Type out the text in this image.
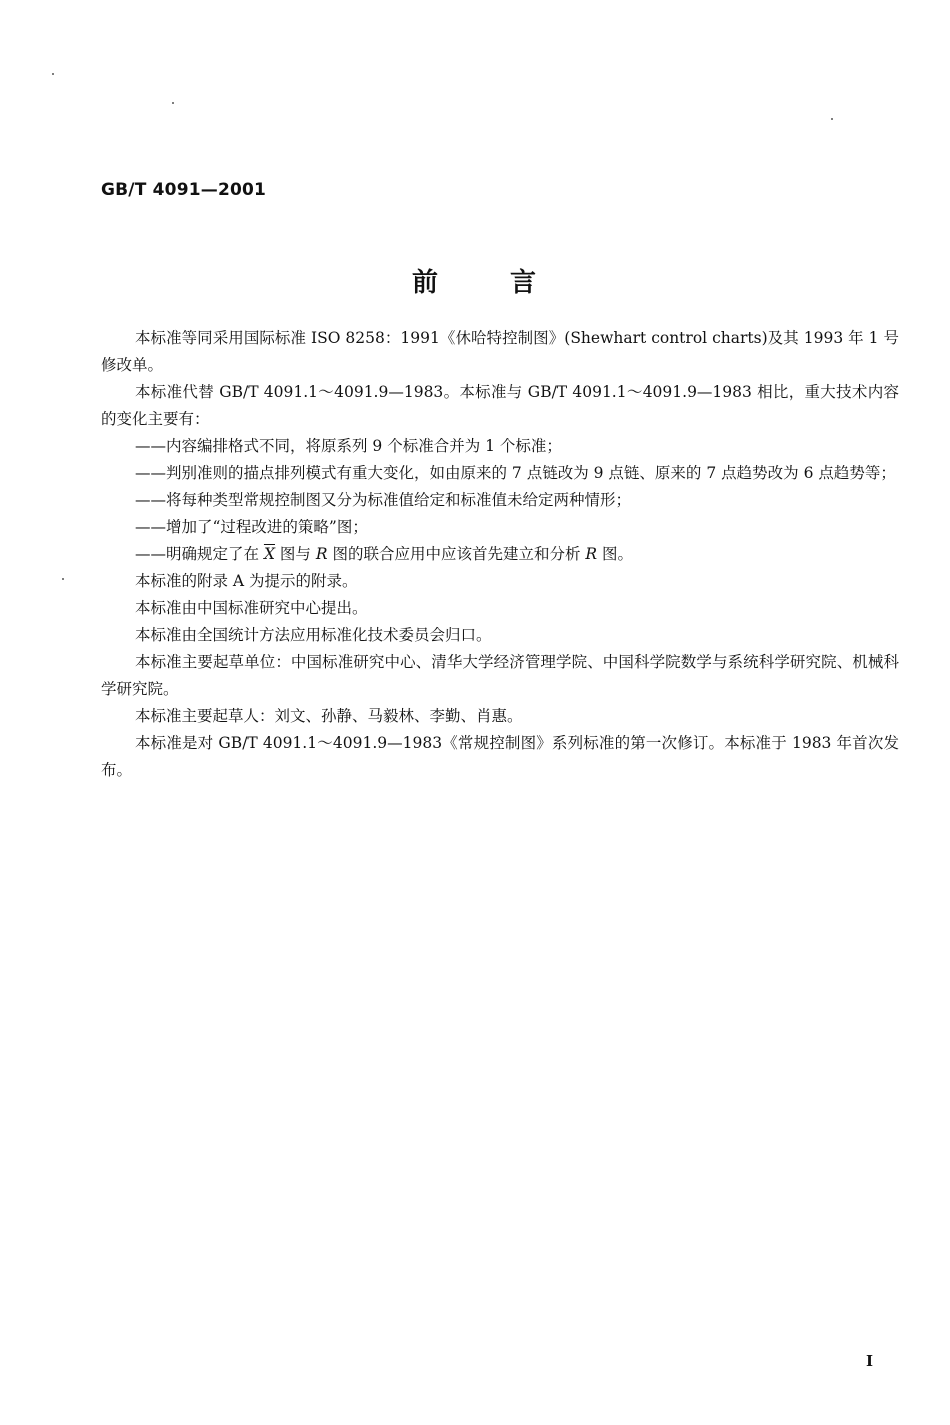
GB/T 4091—2001
前	言

本标准等同采用国际标准 ISO 8258：1991《休哈特控制图》(Shewhart control charts)及其 1993 年 1 号修改单。

本标准代替 GB/T 4091.1～4091.9—1983。本标准与 GB/T 4091.1～4091.9—1983 相比，重大技术内容的变化主要有：

——内容编排格式不同，将原系列 9 个标准合并为 1 个标准；

——判别准则的描点排列模式有重大变化，如由原来的 7 点链改为 9 点链、原来的 7 点趋势改为 6 点趋势等；

——将每种类型常规控制图又分为标准值给定和标准值未给定两种情形；

——增加了“过程改进的策略”图；

——明确规定了在 $\overline{X}$ 图与 R 图的联合应用中应该首先建立和分析 R 图。

本标准的附录 A 为提示的附录。

本标准由中国标准研究中心提出。

本标准由全国统计方法应用标准化技术委员会归口。

本标准主要起草单位：中国标准研究中心、清华大学经济管理学院、中国科学院数学与系统科学研究院、机械科学研究院。

本标准主要起草人：刘文、孙静、马毅林、李勤、肖惠。

本标准是对 GB/T 4091.1～4091.9—1983《常规控制图》系列标准的第一次修订。本标准于 1983 年首次发布。

I
